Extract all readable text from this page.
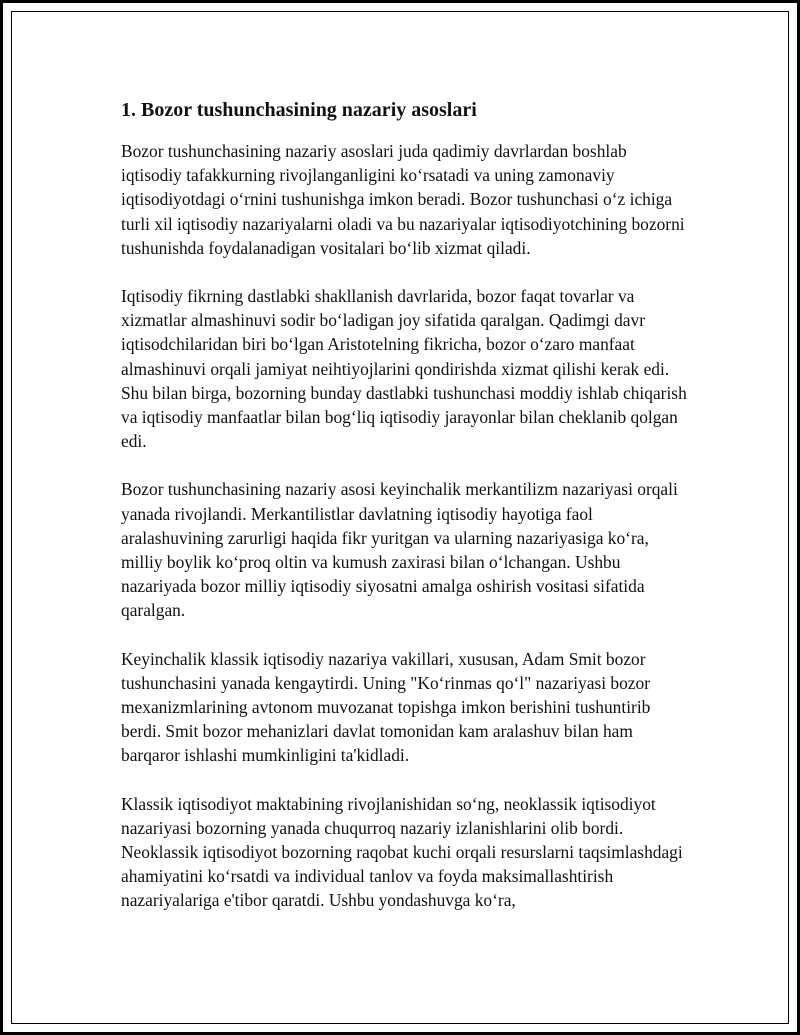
1. Bozor tushunchasining nazariy asoslari

Bozor tushunchasining nazariy asoslari juda qadimiy davrlardan boshlab iqtisodiy tafakkurning rivojlanganligini koʻrsatadi va uning zamonaviy iqtisodiyotdagi oʻrnini tushunishga imkon beradi. Bozor tushunchasi oʻz ichiga turli xil iqtisodiy nazariyalarni oladi va bu nazariyalar iqtisodiyotchining bozorni tushunishda foydalanadigan vositalari boʻlib xizmat qiladi.

Iqtisodiy fikrning dastlabki shakllanish davrlarida, bozor faqat tovarlar va xizmatlar almashinuvi sodir boʻladigan joy sifatida qaralgan. Qadimgi davr iqtisodchilaridan biri boʻlgan Aristotelning fikricha, bozor oʻzaro manfaat almashinuvi orqali jamiyat neihtiyojlarini qondirishda xizmat qilishi kerak edi. Shu bilan birga, bozorning bunday dastlabki tushunchasi moddiy ishlab chiqarish va iqtisodiy manfaatlar bilan bogʻliq iqtisodiy jarayonlar bilan cheklanib qolgan edi.

Bozor tushunchasining nazariy asosi keyinchalik merkantilizm nazariyasi orqali yanada rivojlandi. Merkantilistlar davlatning iqtisodiy hayotiga faol aralashuvining zarurligi haqida fikr yuritgan va ularning nazariyasiga koʻra, milliy boylik koʻproq oltin va kumush zaxirasi bilan oʻlchangan. Ushbu nazariyada bozor milliy iqtisodiy siyosatni amalga oshirish vositasi sifatida qaralgan.

Keyinchalik klassik iqtisodiy nazariya vakillari, xususan, Adam Smit bozor tushunchasini yanada kengaytirdi. Uning "Koʻrinmas qoʻl" nazariyasi bozor mexanizmlarining avtonom muvozanat topishga imkon berishini tushuntirib berdi. Smit bozor mehanizlari davlat tomonidan kam aralashuv bilan ham barqaror ishlashi mumkinligini ta'kidladi.

Klassik iqtisodiyot maktabining rivojlanishidan soʻng, neoklassik iqtisodiyot nazariyasi bozorning yanada chuqurroq nazariy izlanishlarini olib bordi. Neoklassik iqtisodiyot bozorning raqobat kuchi orqali resurslarni taqsimlashdagi ahamiyatini koʻrsatdi va individual tanlov va foyda maksimallashtirish nazariyalariga e'tibor qaratdi. Ushbu yondashuvga koʻra,
